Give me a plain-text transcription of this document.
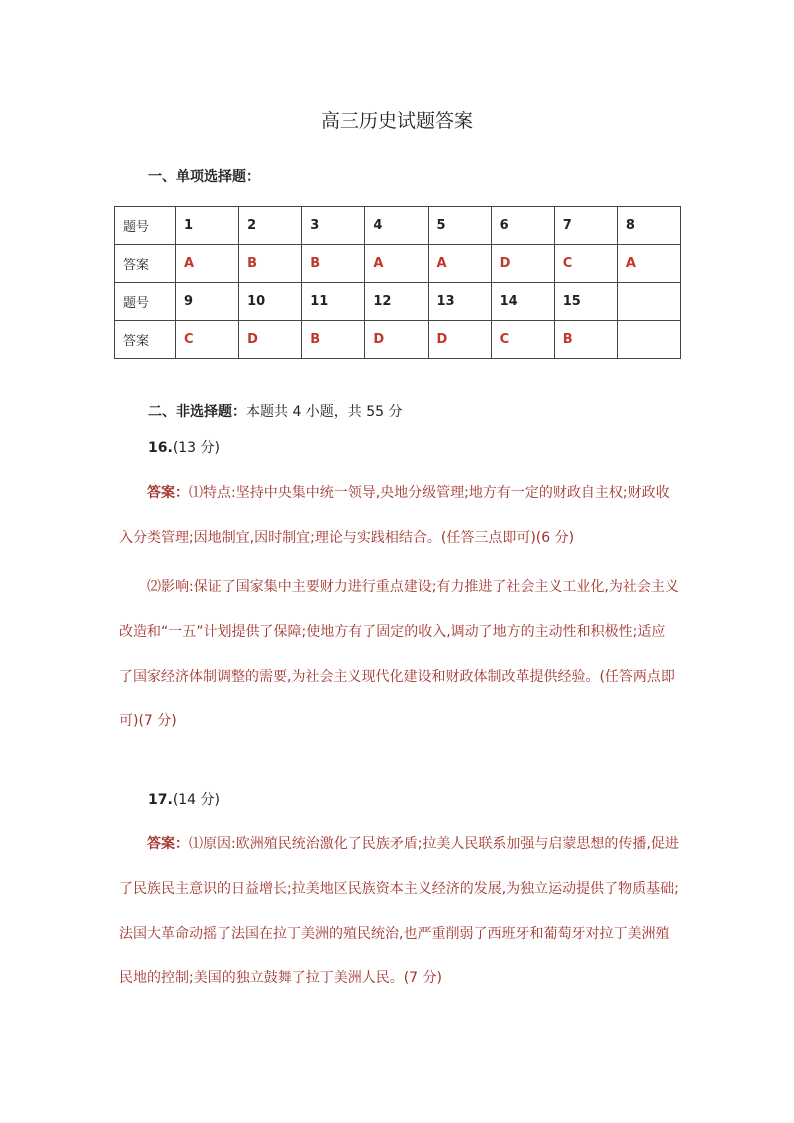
高三历史试题答案
一、单项选择题：
题号	1	2	3	4	5	6	7	8
答案	A	B	B	A	A	D	C	A
题号	9	10	11	12	13	14	15	
答案	C	D	B	D	D	C	B	
二、非选择题：本题共 4 小题，共 55 分
16.(13 分)
答案：⑴特点:坚持中央集中统一领导,央地分级管理;地方有一定的财政自主权;财政收入分类管理;因地制宜,因时制宜;理论与实践相结合。(任答三点即可)(6 分)
⑵影响:保证了国家集中主要财力进行重点建设;有力推进了社会主义工业化,为社会主义改造和“一五”计划提供了保障;使地方有了固定的收入,调动了地方的主动性和积极性;适应了国家经济体制调整的需要,为社会主义现代化建设和财政体制改革提供经验。(任答两点即可)(7 分)
17.(14 分)
答案：⑴原因:欧洲殖民统治激化了民族矛盾;拉美人民联系加强与启蒙思想的传播,促进了民族民主意识的日益增长;拉美地区民族资本主义经济的发展,为独立运动提供了物质基础;法国大革命动摇了法国在拉丁美洲的殖民统治,也严重削弱了西班牙和葡萄牙对拉丁美洲殖民地的控制;美国的独立鼓舞了拉丁美洲人民。(7 分)
